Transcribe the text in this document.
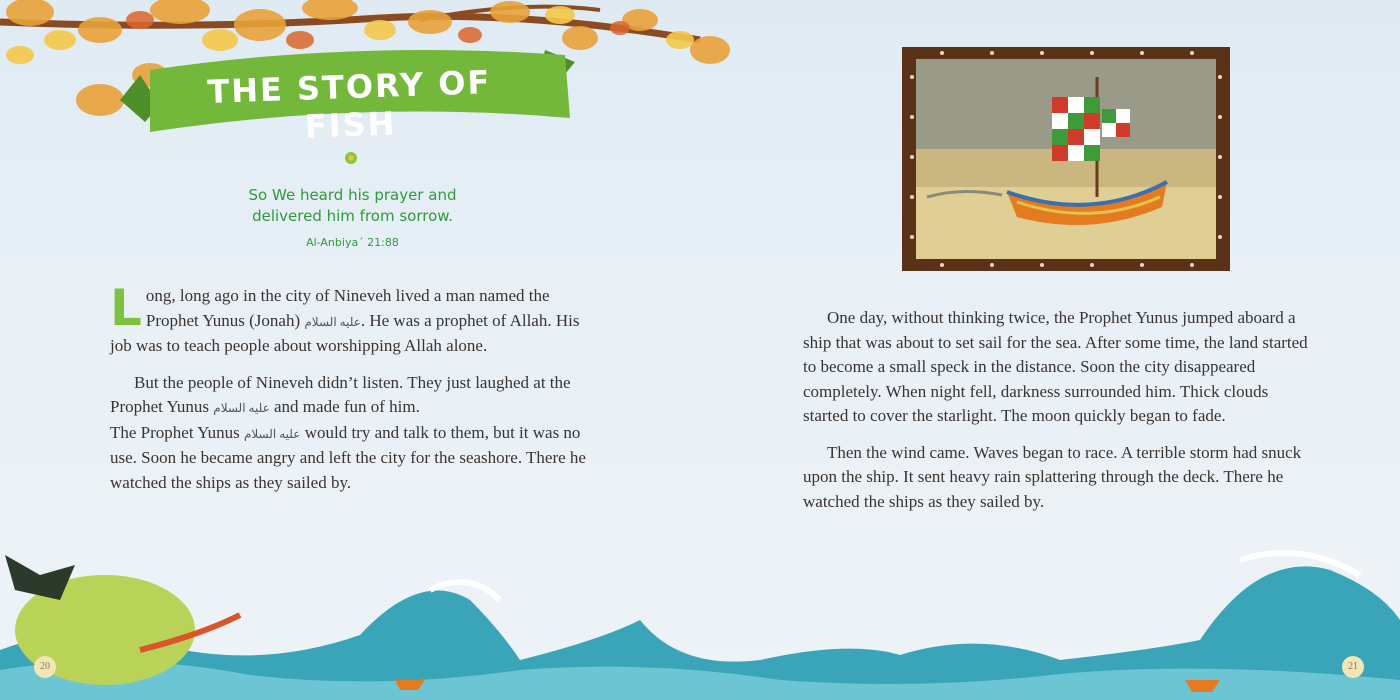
THE STORY OF FISH
So We heard his prayer and
delivered him from sorrow.
Al-Anbiya´ 21:88

Long, long ago in the city of Nineveh lived a man named the Prophet Yunus (Jonah) عليه السلام. He was a prophet of Allah. His job was to teach people about worshipping Allah alone.

But the people of Nineveh didn’t listen. They just laughed at the Prophet Yunus عليه السلام and made fun of him.
The Prophet Yunus عليه السلام would try and talk to them, but it was no use. Soon he became angry and left the city for the seashore. There he watched the ships as they sailed by.

One day, without thinking twice, the Prophet Yunus jumped aboard a ship that was about to set sail for the sea. After some time, the land started to become a small speck in the distance. Soon the city disappeared completely. When night fell, darkness surrounded him. Thick clouds started to cover the starlight. The moon quickly began to fade.

Then the wind came. Waves began to race. A terrible storm had snuck upon the ship. It sent heavy rain splattering through the deck. There he watched the ships as they sailed by.

20	21
